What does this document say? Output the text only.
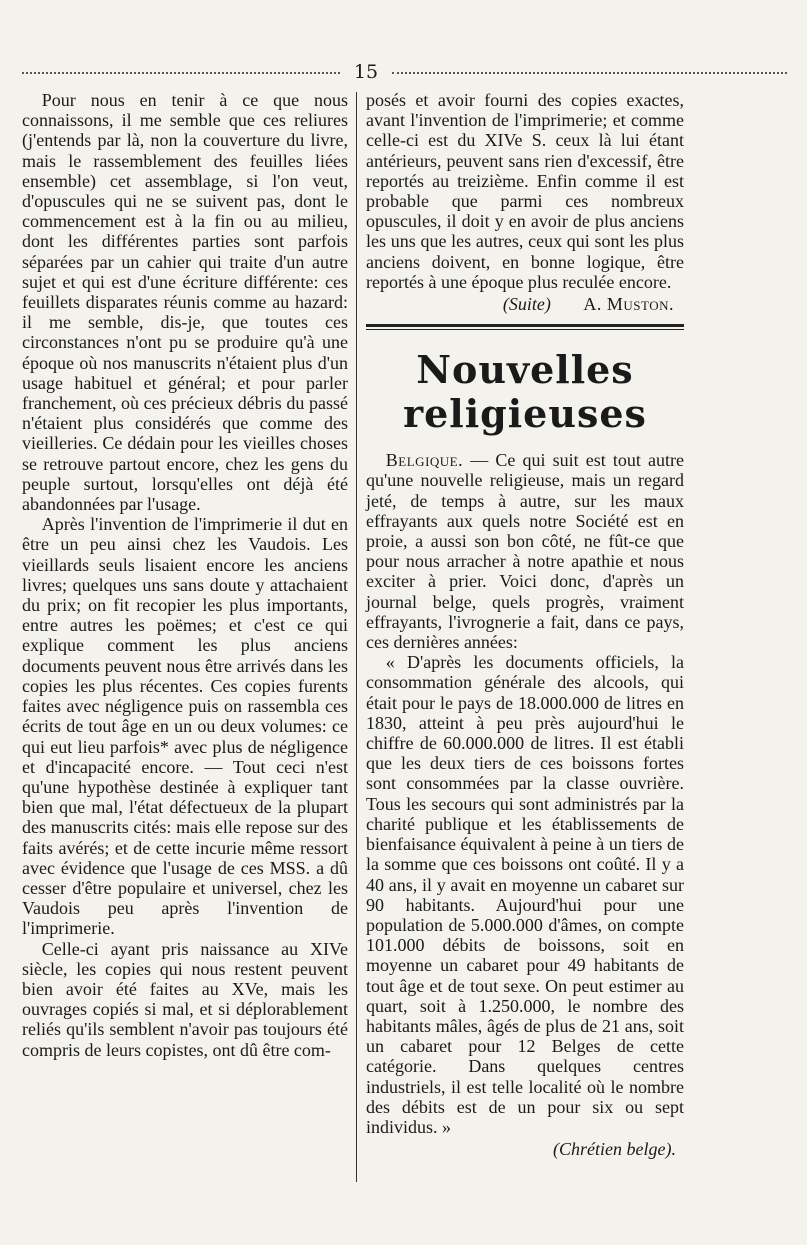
15

Pour nous en tenir à ce que nous connaissons, il me semble que ces reliures (j'entends par là, non la couverture du livre, mais le rassemblement des feuilles liées ensemble) cet assemblage, si l'on veut, d'opuscules qui ne se suivent pas, dont le commencement est à la fin ou au milieu, dont les différentes parties sont parfois séparées par un cahier qui traite d'un autre sujet et qui est d'une écriture différente: ces feuillets disparates réunis comme au hazard: il me semble, dis-je, que toutes ces circonstances n'ont pu se produire qu'à une époque où nos manuscrits n'étaient plus d'un usage habituel et général; et pour parler franchement, où ces précieux débris du passé n'étaient plus considérés que comme des vieilleries. Ce dédain pour les vieilles choses se retrouve partout encore, chez les gens du peuple surtout, lorsqu'elles ont déjà été abandonnées par l'usage.

Après l'invention de l'imprimerie il dut en être un peu ainsi chez les Vaudois. Les vieillards seuls lisaient encore les anciens livres; quelques uns sans doute y attachaient du prix; on fit recopier les plus importants, entre autres les poëmes; et c'est ce qui explique comment les plus anciens documents peuvent nous être arrivés dans les copies les plus récentes. Ces copies furents faites avec négligence puis on rassembla ces écrits de tout âge en un ou deux volumes: ce qui eut lieu parfois* avec plus de négligence et d'incapacité encore. — Tout ceci n'est qu'une hypothèse destinée à expliquer tant bien que mal, l'état défectueux de la plupart des manuscrits cités: mais elle repose sur des faits avérés; et de cette incurie même ressort avec évidence que l'usage de ces MSS. a dû cesser d'être populaire et universel, chez les Vaudois peu après l'invention de l'imprimerie.

Celle-ci ayant pris naissance au XIVe siècle, les copies qui nous restent peuvent bien avoir été faites au XVe, mais les ouvrages copiés si mal, et si déplorablement reliés qu'ils semblent n'avoir pas toujours été compris de leurs copistes, ont dû être com-

posés et avoir fourni des copies exactes, avant l'invention de l'imprimerie; et comme celle-ci est du XIVe S. ceux là lui étant antérieurs, peuvent sans rien d'excessif, être reportés au treizième. Enfin comme il est probable que parmi ces nombreux opuscules, il doit y en avoir de plus anciens les uns que les autres, ceux qui sont les plus anciens doivent, en bonne logique, être reportés à une époque plus reculée encore.

(Suite) A. Muston.
Nouvelles religieuses

Belgique. — Ce qui suit est tout autre qu'une nouvelle religieuse, mais un regard jeté, de temps à autre, sur les maux effrayants aux quels notre Société est en proie, a aussi son bon côté, ne fût-ce que pour nous arracher à notre apathie et nous exciter à prier. Voici donc, d'après un journal belge, quels progrès, vraiment effrayants, l'ivrognerie a fait, dans ce pays, ces dernières années:

« D'après les documents officiels, la consommation générale des alcools, qui était pour le pays de 18.000.000 de litres en 1830, atteint à peu près aujourd'hui le chiffre de 60.000.000 de litres. Il est établi que les deux tiers de ces boissons fortes sont consommées par la classe ouvrière. Tous les secours qui sont administrés par la charité publique et les établissements de bienfaisance équivalent à peine à un tiers de la somme que ces boissons ont coûté. Il y a 40 ans, il y avait en moyenne un cabaret sur 90 habitants. Aujourd'hui pour une population de 5.000.000 d'âmes, on compte 101.000 débits de boissons, soit en moyenne un cabaret pour 49 habitants de tout âge et de tout sexe. On peut estimer au quart, soit à 1.250.000, le nombre des habitants mâles, âgés de plus de 21 ans, soit un cabaret pour 12 Belges de cette catégorie. Dans quelques centres industriels, il est telle localité où le nombre des débits est de un pour six ou sept individus. »

(Chrétien belge).
